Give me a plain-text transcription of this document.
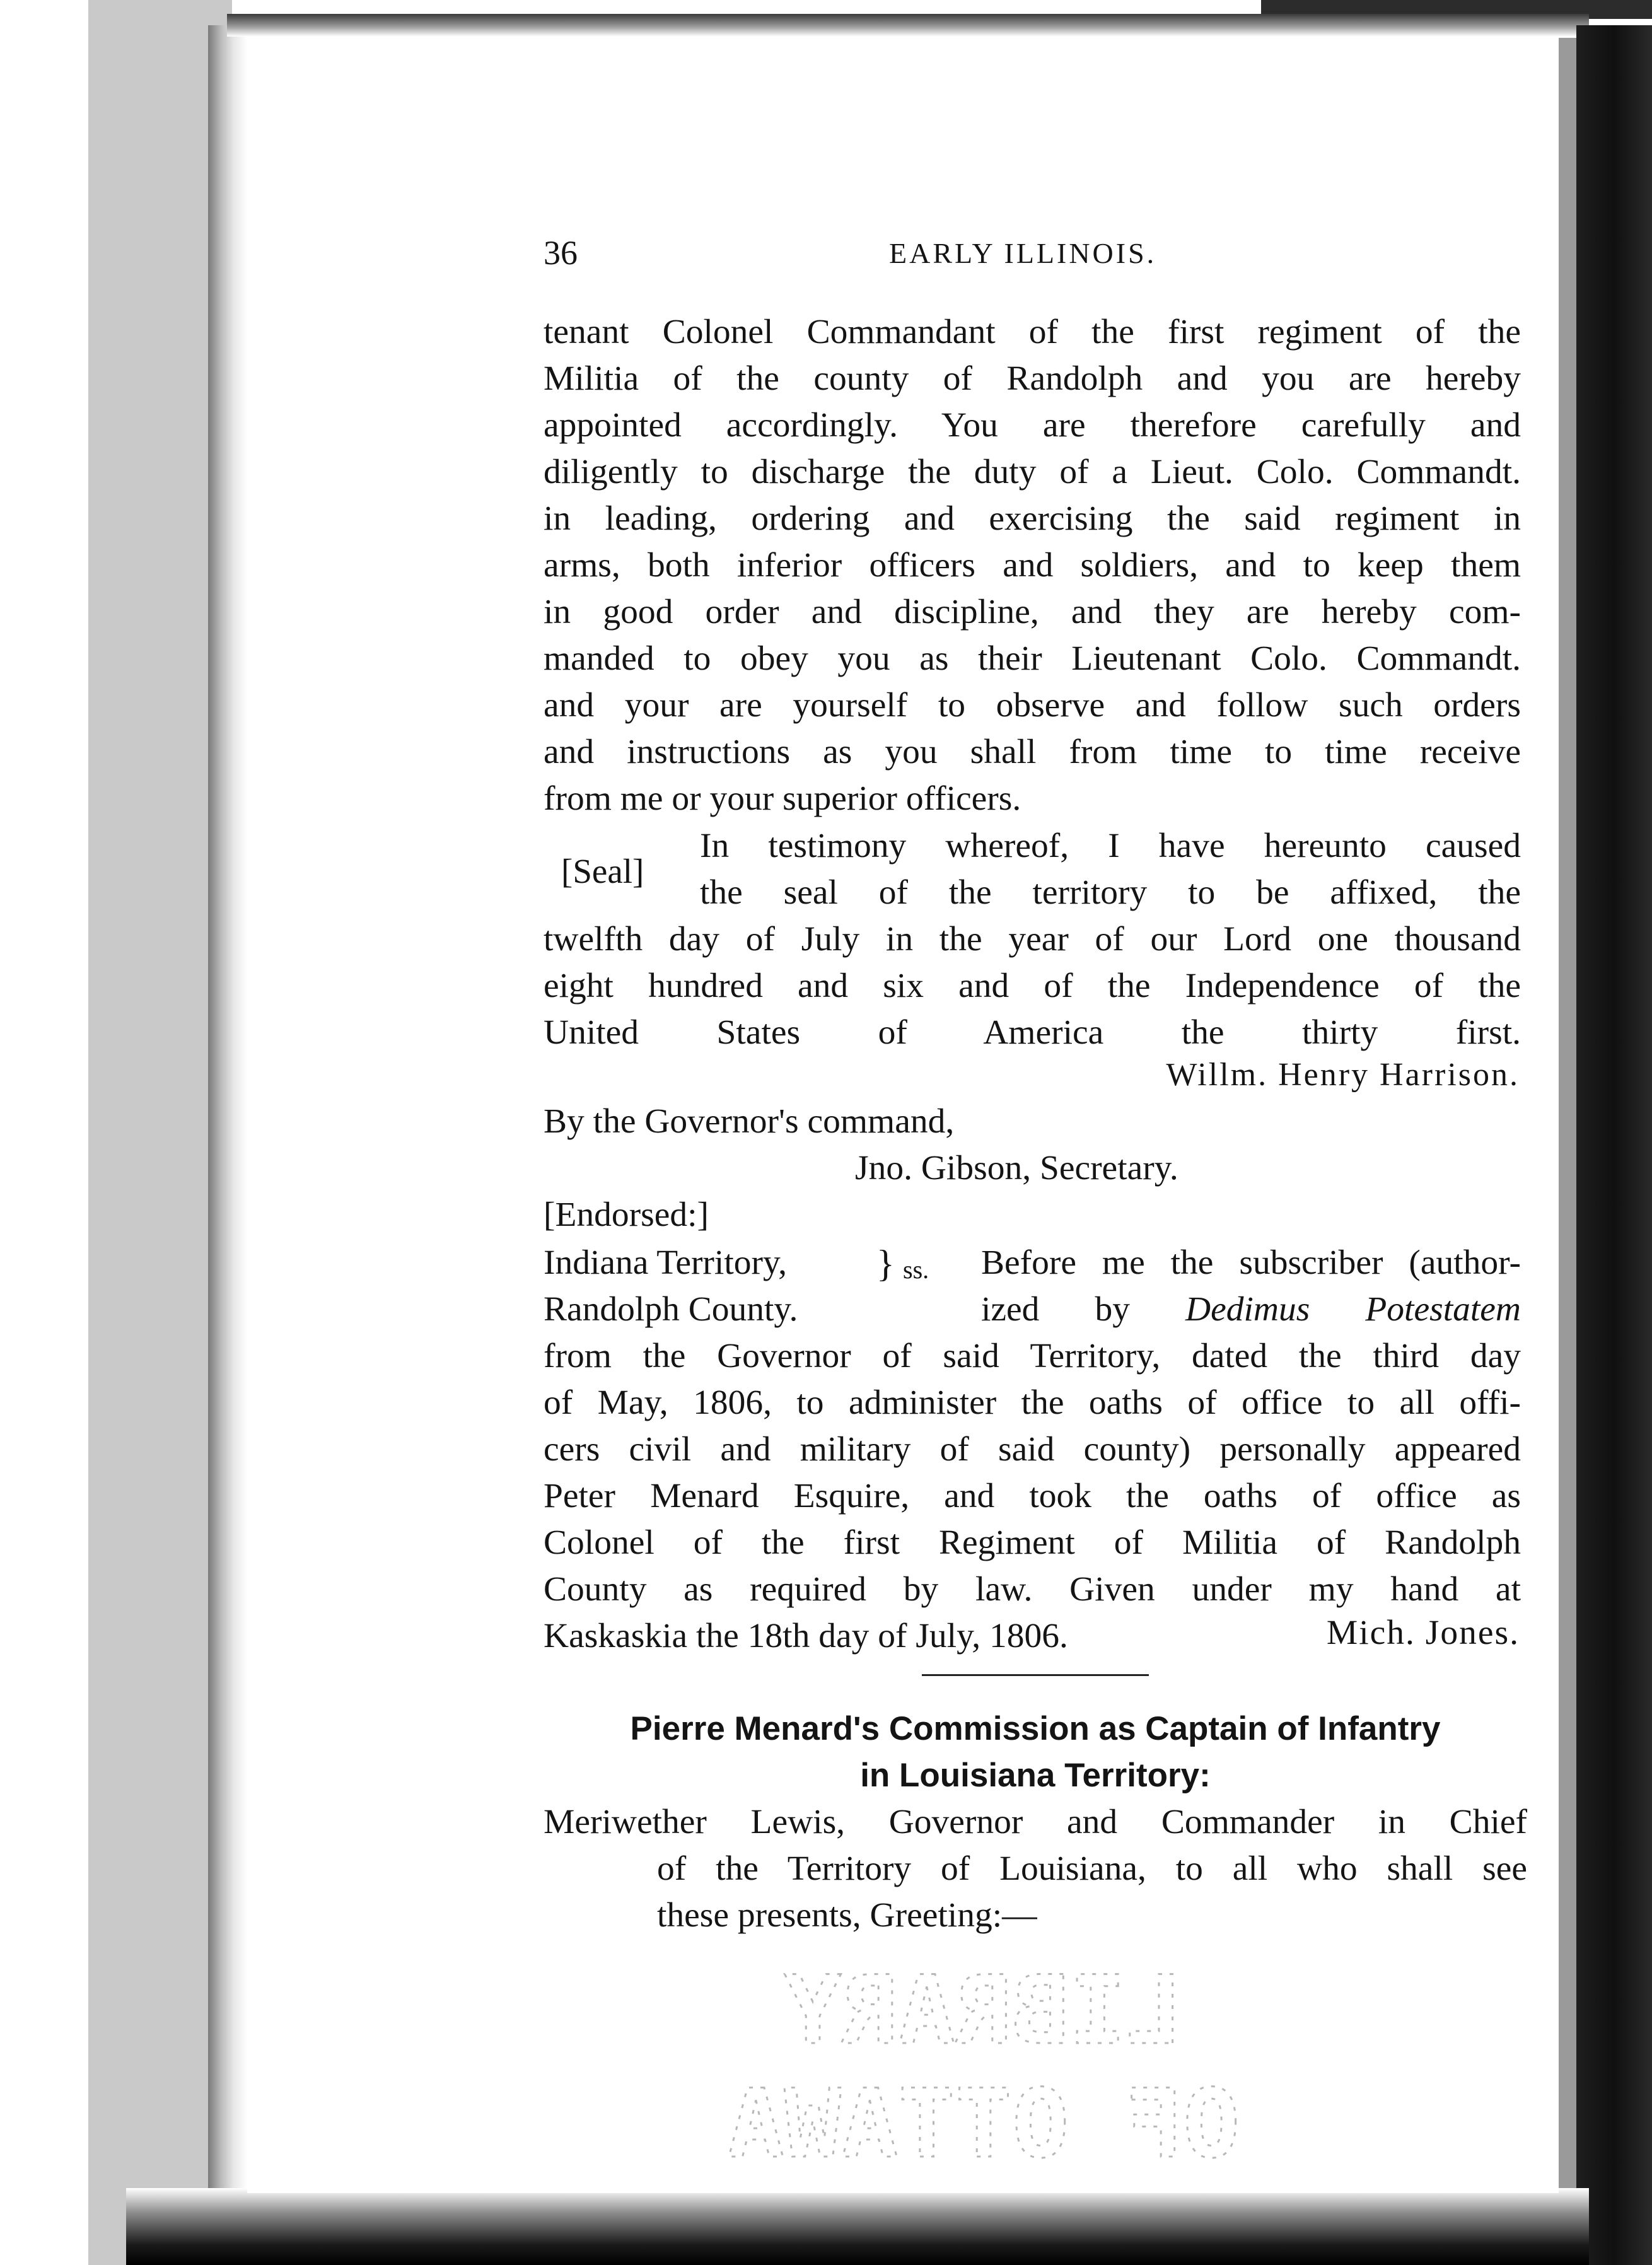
36	EARLY ILLINOIS.
tenant Colonel Commandant of the first regiment of the
Militia of the county of Randolph and you are hereby
appointed accordingly. You are therefore carefully and
diligently to discharge the duty of a Lieut. Colo. Commandt.
in leading, ordering and exercising the said regiment in
arms, both inferior officers and soldiers, and to keep them
in good order and discipline, and they are hereby com-
manded to obey you as their Lieutenant Colo. Commandt.
and your are yourself to observe and follow such orders
and instructions as you shall from time to time receive
from me or your superior officers.
[Seal]
In testimony whereof, I have hereunto caused
the seal of the territory to be affixed, the
twelfth day of July in the year of our Lord one thousand
eight hundred and six and of the Independence of the
United States of America the thirty first.
Willm. Henry Harrison.
By the Governor's command,
Jno. Gibson, Secretary.
[Endorsed:]
Indiana Territory,
Randolph County.
} ss. Before me the subscriber (author-
ized by Dedimus Potestatem
from the Governor of said Territory, dated the third day
of May, 1806, to administer the oaths of office to all offi-
cers civil and military of said county) personally appeared
Peter Menard Esquire, and took the oaths of office as
Colonel of the first Regiment of Militia of Randolph
County as required by law. Given under my hand at
Kaskaskia the 18th day of July, 1806.	Mich. Jones.
Pierre Menard's Commission as Captain of Infantry
in Louisiana Territory:
Meriwether Lewis, Governor and Commander in Chief
of the Territory of Louisiana, to all who shall see
these presents, Greeting:—
LIBRARY
OF OTTAWA
